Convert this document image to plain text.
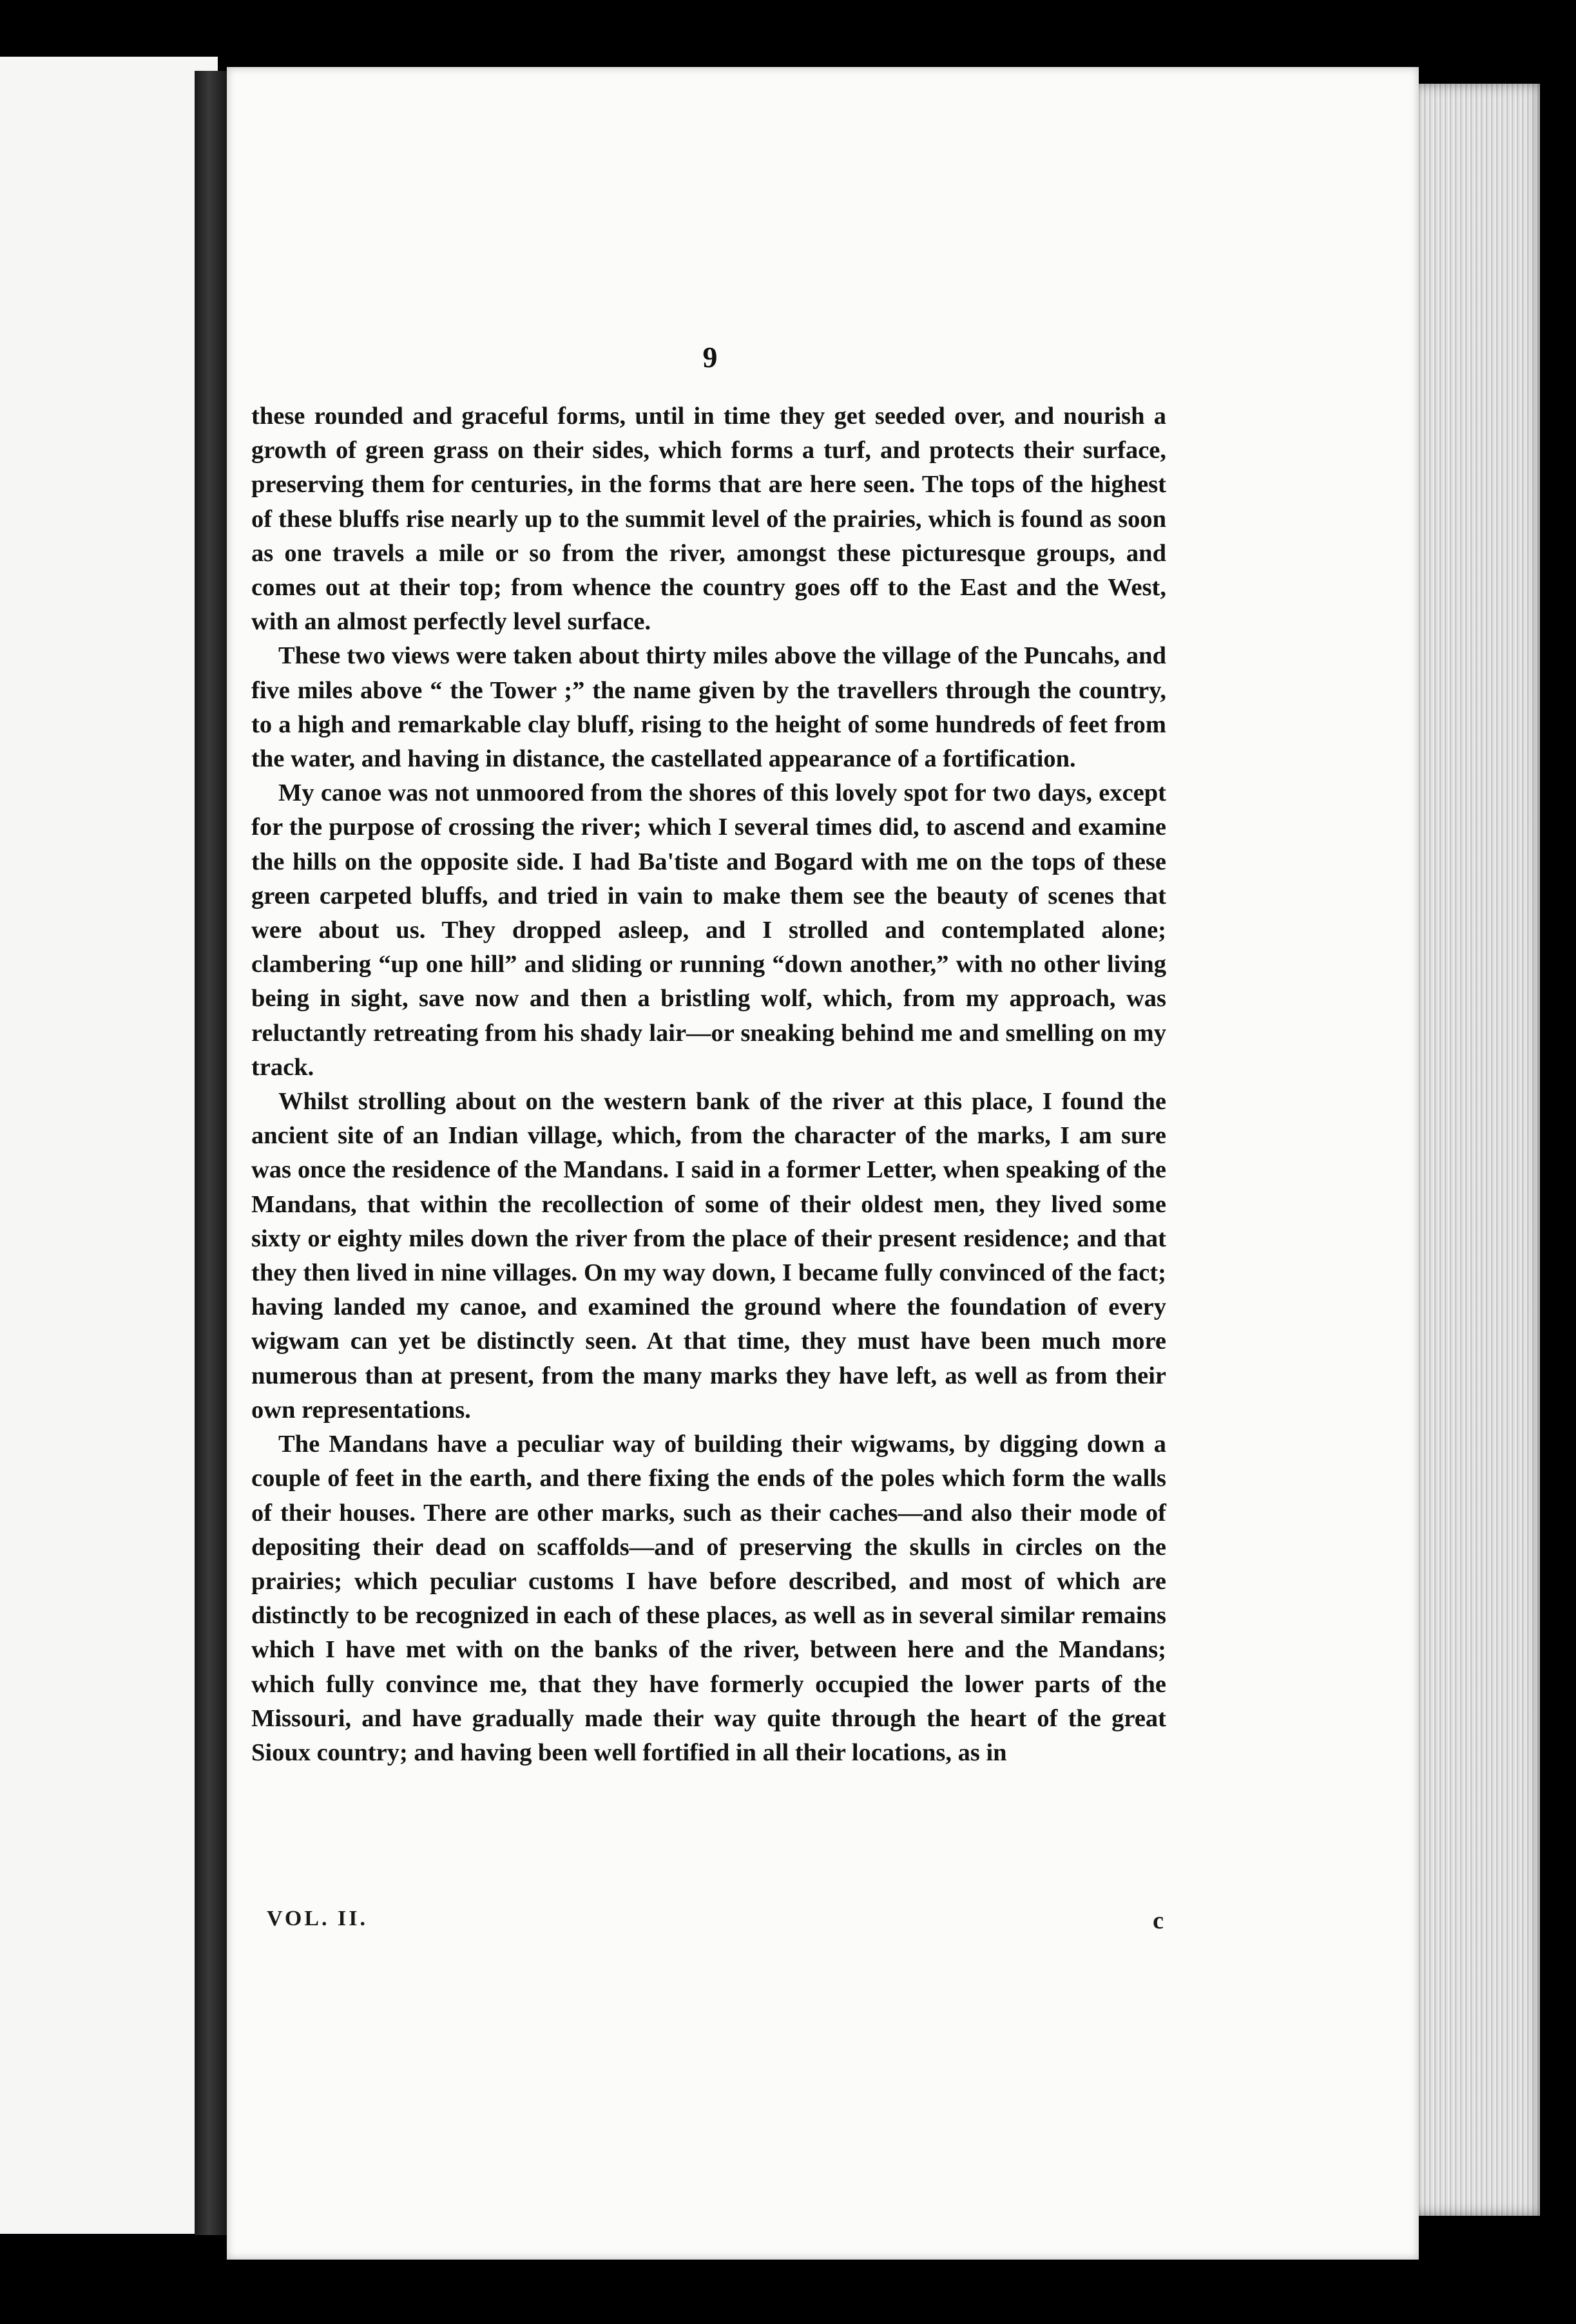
9

these rounded and graceful forms, until in time they get seeded over, and nourish a growth of green grass on their sides, which forms a turf, and protects their surface, preserving them for centuries, in the forms that are here seen. The tops of the highest of these bluffs rise nearly up to the summit level of the prairies, which is found as soon as one travels a mile or so from the river, amongst these picturesque groups, and comes out at their top; from whence the country goes off to the East and the West, with an almost perfectly level surface.

These two views were taken about thirty miles above the village of the Puncahs, and five miles above “ the Tower ;” the name given by the travellers through the country, to a high and remarkable clay bluff, rising to the height of some hundreds of feet from the water, and having in distance, the castellated appearance of a fortification.

My canoe was not unmoored from the shores of this lovely spot for two days, except for the purpose of crossing the river; which I several times did, to ascend and examine the hills on the opposite side. I had Ba'tiste and Bogard with me on the tops of these green carpeted bluffs, and tried in vain to make them see the beauty of scenes that were about us. They dropped asleep, and I strolled and contemplated alone; clambering “up one hill” and sliding or running “down another,” with no other living being in sight, save now and then a bristling wolf, which, from my approach, was reluctantly retreating from his shady lair—or sneaking behind me and smelling on my track.

Whilst strolling about on the western bank of the river at this place, I found the ancient site of an Indian village, which, from the character of the marks, I am sure was once the residence of the Mandans. I said in a former Letter, when speaking of the Mandans, that within the recollection of some of their oldest men, they lived some sixty or eighty miles down the river from the place of their present residence; and that they then lived in nine villages. On my way down, I became fully convinced of the fact; having landed my canoe, and examined the ground where the foundation of every wigwam can yet be distinctly seen. At that time, they must have been much more numerous than at present, from the many marks they have left, as well as from their own representations.

The Mandans have a peculiar way of building their wigwams, by digging down a couple of feet in the earth, and there fixing the ends of the poles which form the walls of their houses. There are other marks, such as their caches—and also their mode of depositing their dead on scaffolds—and of preserving the skulls in circles on the prairies; which peculiar customs I have before described, and most of which are distinctly to be recognized in each of these places, as well as in several similar remains which I have met with on the banks of the river, between here and the Mandans; which fully convince me, that they have formerly occupied the lower parts of the Missouri, and have gradually made their way quite through the heart of the great Sioux country; and having been well fortified in all their locations, as in

VOL. II.	c
